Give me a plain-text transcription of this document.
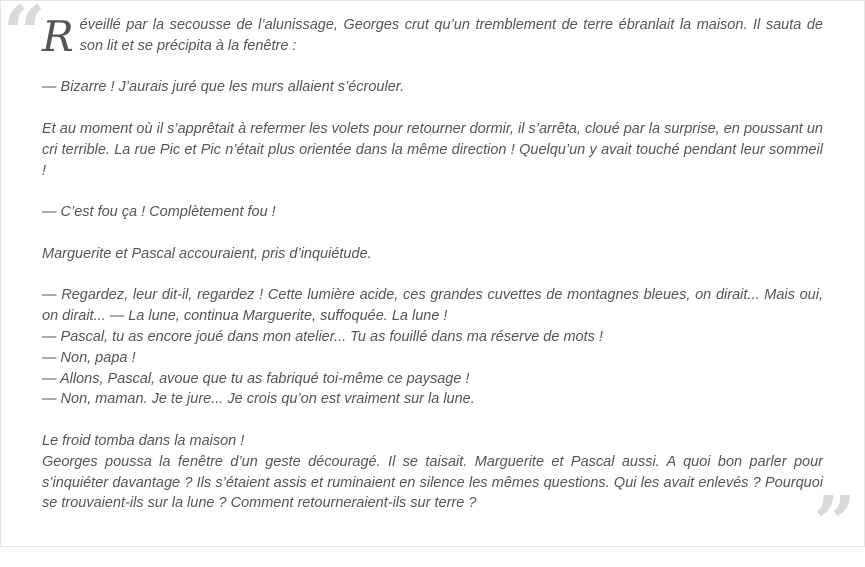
“
”

Réveillé par la secousse de l’alunissage, Georges crut qu’un tremblement de terre ébranlait la maison. Il sauta de son lit et se précipita à la fenêtre :

— Bizarre ! J’aurais juré que les murs allaient s’écrouler.

Et au moment où il s’apprêtait à refermer les volets pour retourner dormir, il s’arrêta, cloué par la surprise, en poussant un cri terrible. La rue Pic et Pic n’était plus orientée dans la même direction ! Quelqu’un y avait touché pendant leur sommeil !

— C’est fou ça ! Complètement fou !

Marguerite et Pascal accouraient, pris d’inquiétude.

— Regardez, leur dit-il, regardez ! Cette lumière acide, ces grandes cuvettes de montagnes bleues, on dirait... Mais oui, on dirait... — La lune, continua Marguerite, suffoquée. La lune !

— Pascal, tu as encore joué dans mon atelier... Tu as fouillé dans ma réserve de mots !

— Non, papa !

— Allons, Pascal, avoue que tu as fabriqué toi-même ce paysage !

— Non, maman. Je te jure... Je crois qu’on est vraiment sur la lune.

Le froid tomba dans la maison !

Georges poussa la fenêtre d’un geste découragé. Il se taisait. Marguerite et Pascal aussi. A quoi bon parler pour s’inquiéter davantage ? Ils s’étaient assis et ruminaient en silence les mêmes questions. Qui les avait enlevés ? Pourquoi se trouvaient-ils sur la lune ? Comment retourneraient-ils sur terre ?
